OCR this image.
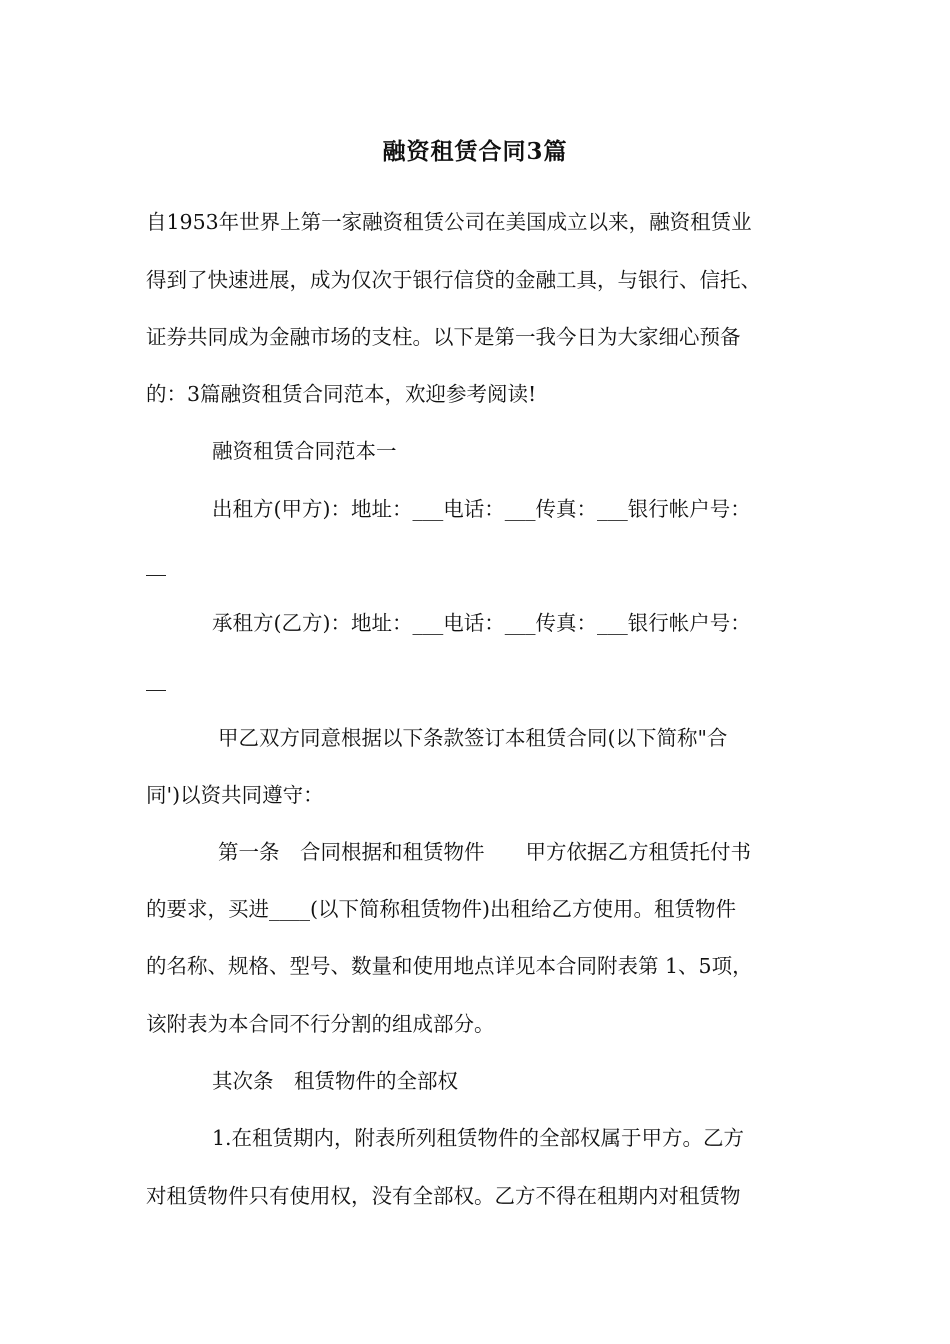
融资租赁合同3篇
自1953年世界上第一家融资租赁公司在美国成立以来，融资租赁业
得到了快速进展，成为仅次于银行信贷的金融工具，与银行、信托、
证券共同成为金融市场的支柱。以下是第一我今日为大家细心预备
的：3篇融资租赁合同范本，欢迎参考阅读!
融资租赁合同范本一
出租方(甲方)：地址：___电话：___传真：___银行帐户号：
承租方(乙方)：地址：___电话：___传真：___银行帐户号：
甲乙双方同意根据以下条款签订本租赁合同(以下简称"合
同')以资共同遵守：
第一条　合同根据和租赁物件　　甲方依据乙方租赁托付书
的要求，买进____(以下简称租赁物件)出租给乙方使用。租赁物件
的名称、规格、型号、数量和使用地点详见本合同附表第 1、5项，
该附表为本合同不行分割的组成部分。
其次条　租赁物件的全部权
1.在租赁期内，附表所列租赁物件的全部权属于甲方。乙方
对租赁物件只有使用权，没有全部权。乙方不得在租期内对租赁物
